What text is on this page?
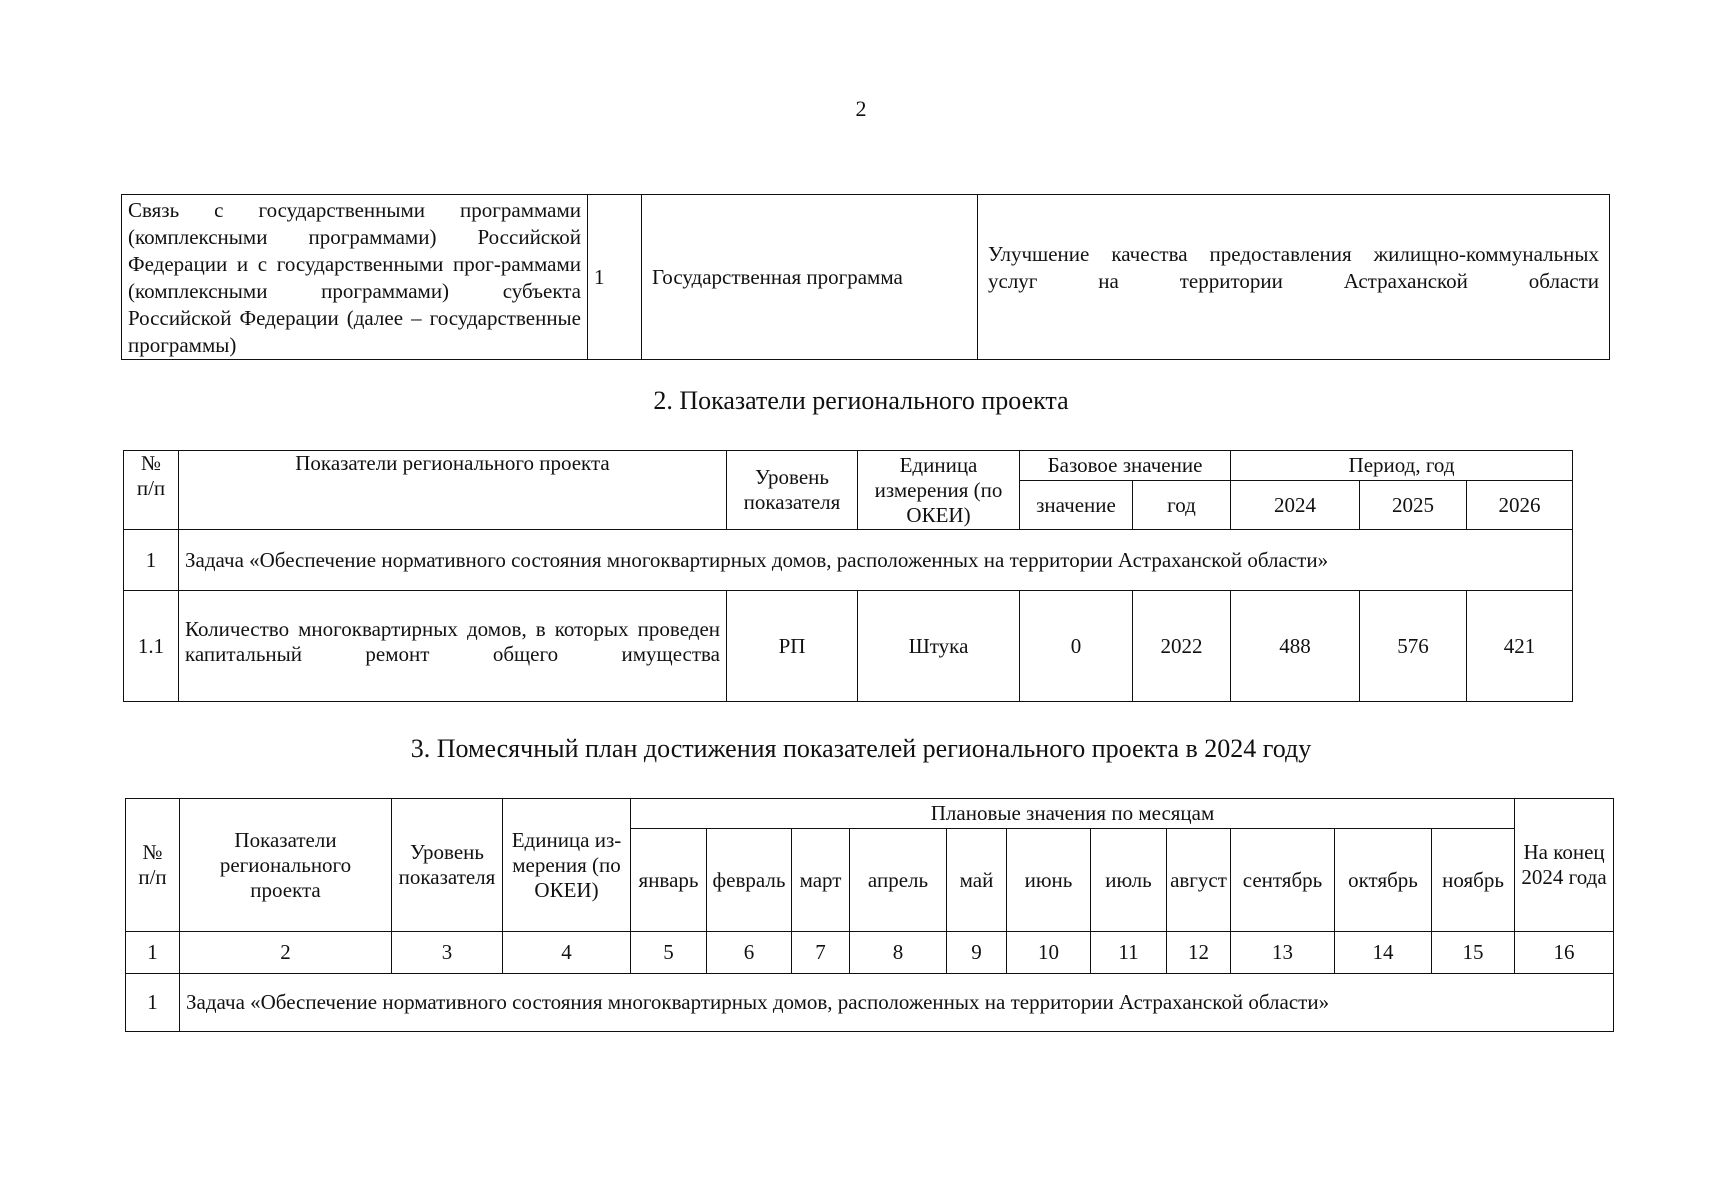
2
Связь с государственными программами (комплексными программами) Российской Федерации и с государственными прог-раммами (комплексными программами) субъекта Российской Федерации (далее – государственные программы)	1	Государственная программа	Улучшение качества предоставления жилищно-коммунальных услуг на территории Астраханской области
2. Показатели регионального проекта
№ п/п	Показатели регионального проекта	Уровень показателя	Единица измерения (по ОКЕИ)	Базовое значение		Период, год		
				значение	год	2024	2025	2026
1	Задача «Обеспечение нормативного состояния многоквартирных домов, расположенных на территории Астраханской области»							
1.1	Количество многоквартирных домов, в которых проведен капитальный ремонт общего имущества	РП	Штука	0	2022	488	576	421
3. Помесячный план достижения показателей регионального проекта в 2024 году
№ п/п	Показатели регионального проекта	Уровень показателя	Единица из-мерения (по ОКЕИ)	Плановые значения по месяцам											На конец 2024 года
				январь	февраль	март	апрель	май	июнь	июль	август	сентябрь	октябрь	ноябрь	
1	2	3	4	5	6	7	8	9	10	11	12	13	14	15	16
1	Задача «Обеспечение нормативного состояния многоквартирных домов, расположенных на территории Астраханской области»														
